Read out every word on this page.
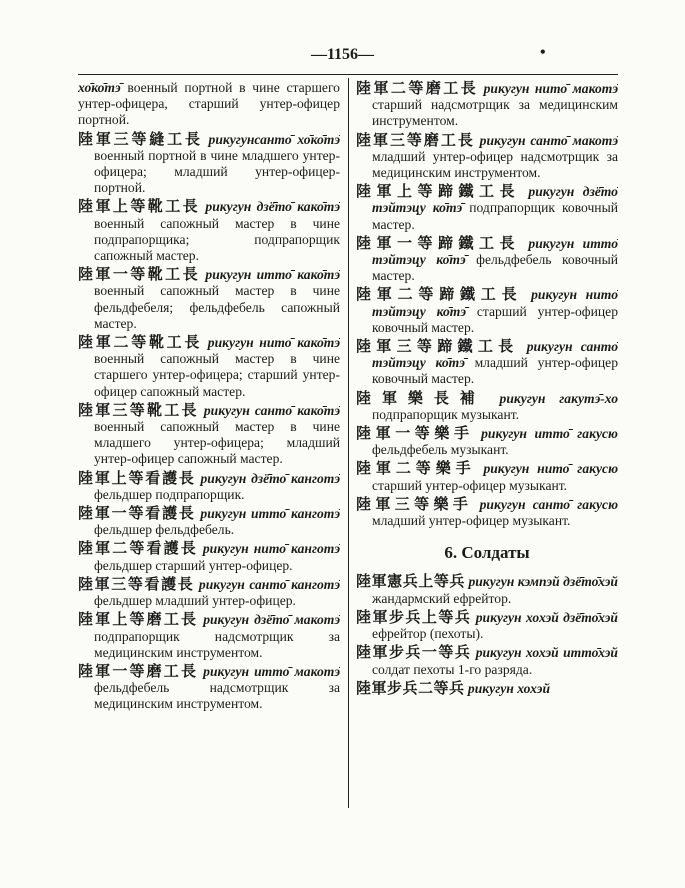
—1156—	•

хо̄ко̄тэ̄ военный портной в чине старшего унтер-офицера, старший унтер-офицер портной.

陸軍三等縫工長 рикугунсанто̄ хо̄ко̄тэ̄ военный портной в чине младшего унтер-офицера; младший унтер-офицер-портной.

陸軍上等靴工長 рикугун дзё̄то̄ како̄тэ̄ военный сапожный мастер в чине подпрапорщика; подпрапорщик сапожный мастер.

陸軍一等靴工長 рикугун итто̄ како̄тэ̄ военный сапожный мастер в чине фельдфебеля; фельдфебель сапожный мастер.

陸軍二等靴工長 рикугун нито̄ како̄тэ̄ военный сапожный мастер в чине старшего унтер-офицера; старший унтер-офицер сапожный мастер.

陸軍三等靴工長 рикугун санто̄ како̄тэ̄ военный сапожный мастер в чине младшего унтер-офицера; младший унтер-офицер сапожный мастер.

陸軍上等看護長 рикугун дзё̄то̄ канготэ̄ фельдшер подпрапорщик.

陸軍一等看護長 рикугун итто̄ канготэ̄ фельдшер фельдфебель.

陸軍二等看護長 рикугун нито̄ канготэ̄ фельдшер старший унтер-офицер.

陸軍三等看護長 рикугун санто̄ канготэ̄ фельдшер младший унтер-офицер.

陸軍上等磨工長 рикугун дзё̄то̄ макотэ̄ подпрапорщик надсмотрщик за медицинским инструментом.

陸軍一等磨工長 рикугун итто̄ макотэ̄ фельдфебель надсмотрщик за медицинским инструментом.

陸軍二等磨工長 рикугун нито̄ макотэ̄ старший надсмотрщик за медицинским инструментом.

陸軍三等磨工長 рикугун санто̄ макотэ̄ младший унтер-офицер надсмотрщик за медицинским инструментом.

陸軍上等蹄鐵工長 рикугун дзё̄то̄ тэйтэцу ко̄тэ̄ подпрапорщик ковочный мастер.

陸軍一等蹄鐵工長 рикугун итто̄ тэйтэцу ко̄тэ̄ фельдфебель ковочный мастер.

陸軍二等蹄鐵工長 рикугун нито̄ тэйтэцу ко̄тэ̄ старший унтер-офицер ковочный мастер.

陸軍三等蹄鐵工長 рикугун санто̄ тэйтэцу ко̄тэ̄ младший унтер-офицер ковочный мастер.

陸軍樂長補 рикугун гакутэ̄-хо подпрапорщик музыкант.

陸軍一等樂手 рикугун итто̄ гакусю фельдфебель музыкант.

陸軍二等樂手 рикугун нито̄ гакусю старший унтер-офицер музыкант.

陸軍三等樂手 рикугун санто̄ гакусю младший унтер-офицер музыкант.

6. Солдаты

陸軍憲兵上等兵 рикугун кэмпэй дзё̄то̄хэй жандармский ефрейтор.

陸軍步兵上等兵 рикугун хохэй дзё̄то̄хэй ефрейтор (пехоты).

陸軍步兵一等兵 рикугун хохэй итто̄хэй солдат пехоты 1-го разряда.

陸軍步兵二等兵 рикугун хохэй
